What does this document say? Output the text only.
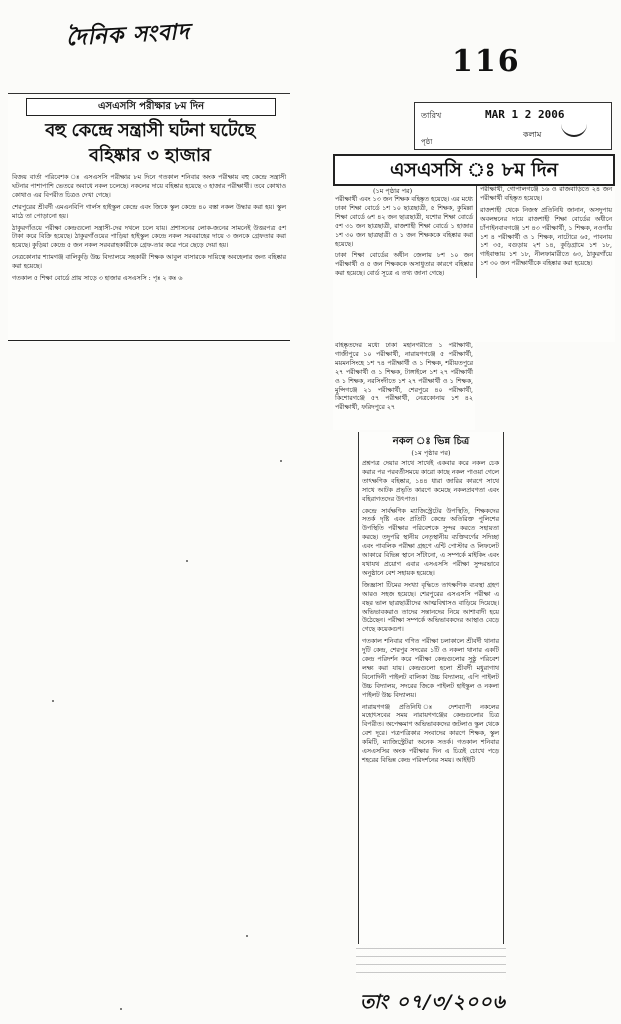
দৈনিক সংবাদ
116
তারিখ	MAR 1 2 2006
কলাম
পৃষ্ঠা
এসএসসি পরীক্ষার ৮ম দিন
বহু কেন্দ্রে সন্ত্রাসী ঘটনা ঘটেছে
বহিষ্কার ৩ হাজার

বিজয় বার্তা পরিবেশক ঃ এসএসসি পরীক্ষার ৮ম দিনে গতকাল শনিবার অংক পরীক্ষায় বহু কেন্দ্রে সন্ত্রাসী ঘটনার পাশাপাশি ভেতরে অবাধে নকল চলেছে। নকলের দায়ে বহিষ্কার হয়েছে ৩ হাজার পরীক্ষার্থী। তবে কোথাও কোথাও এর বিপরীত চিত্রও দেখা গেছে।

শেরপুরের শ্রীবর্দী এমএনবিপি গার্লস হাইস্কুল কেন্দ্রে এবং জিকে স্কুল কেন্দ্রে ৪০ বস্তা নকল উদ্ধার করা হয়। স্কুল মাঠে তা পোড়ানো হয়।

ঠাকুরগাঁওয়ে পরীক্ষা কেন্দ্রগুলো সন্ত্রাসী-দের দখলে চলে যায়। প্রশাসনের লোক-জনের সামনেই উত্তরপত্র ৫শ টাকা করে বিক্রি হয়েছে। ঠাকুরগাঁওয়ের পাড়িয়া হাইস্কুল কেন্দ্রে নকল সরবরাহের দায়ে ৩ জনকে গ্রেফতার করা হয়েছে। কুড়িয়া কেন্দ্রে ৫ জন নকল সরবরাহকারীকে গ্রেফ-তার করে পরে ছেড়ে দেয়া হয়।

নেত্রকোনার শ্যামগঞ্জ বালিকুড়ি উচ্চ বিদ্যালয়ে সহকারী শিক্ষক আবুল বাসারকে দায়িত্বে অবহেলার জন্য বহিষ্কার করা হয়েছে।

গতকাল ৫ শিক্ষা বোর্ডে প্রায় সাড়ে ৩ হাজার এসএসসি : পৃঃ ২ কঃ ৬

এসএসসি ঃ ৮ম দিন
(১ম পৃষ্ঠার পর)

পরীক্ষার্থী এবং ১৩ জন শিক্ষক বহিষ্কৃত হয়েছে। এর মধ্যে ঢাকা শিক্ষা বোর্ডে ১শ ১০ ছাত্রছাত্রী, ৫ শিক্ষক, কুমিল্লা শিক্ষা বোর্ডে ৬শ ৪২ জন ছাত্রছাত্রী, যশোর শিক্ষা বোর্ডে ৫শ ৩১ জন ছাত্রছাত্রী, রাজশাহী শিক্ষা বোর্ডে ১ হাজার ১শ ৩০ জন ছাত্রছাত্রী ও ১ জন শিক্ষককে বহিষ্কার করা হয়েছে।

ঢাকা শিক্ষা বোর্ডের অধীন জেলায় ৮শ ১০ জন পরীক্ষার্থী ও ৫ জন শিক্ষককে অসাধুতার কারণে বহিষ্কার করা হয়েছে। বোর্ড সূত্রে এ তথ্য জানা গেছে।

পরীক্ষার্থী, গোপালগঞ্জে ১৬ ও রাজবাড়িতে ২৪ জন পরীক্ষার্থী বহিষ্কৃত হয়েছে।

রাজশাহী থেকে নিজস্ব প্রতিনিধি জানান, অসদুপায় অবলম্বনের দায়ে রাজশাহী শিক্ষা বোর্ডের অধীনে চাঁপাইনবাবগঞ্জে ১শ ৪৩ পরীক্ষার্থী, ১ শিক্ষক, নওগাঁয় ১শ ৪ পরীক্ষার্থী ও ১ শিক্ষক, নাটোরে ৬৫, পাবনায় ১শ ৩৫, বগুড়ায় ২শ ১৪, কুড়িগ্রামে ১শ ১৮, গাইবান্ধায় ১শ ১৮, নীলফামারীতে ৬৩, ঠাকুরগাঁয়ে ১শ ৩০ জন পরীক্ষার্থীকে বহিষ্কার করা হয়েছে।

বহিষ্কৃতদের মধ্যে ঢাকা মহানগরীতে ১ পরীক্ষার্থী, গাজীপুরে ১০ পরীক্ষার্থী, নারায়ণগঞ্জে ৫ পরীক্ষার্থী, ময়মনসিংহে ১শ ৭৪ পরীক্ষার্থী ও ১ শিক্ষক, শরীয়তপুরে ২৭ পরীক্ষার্থী ও ১ শিক্ষক, টাঙ্গাইলে ১শ ২৭ পরীক্ষার্থী ও ১ শিক্ষক, নরসিংদীতে ১শ ২৭ পরীক্ষার্থী ও ১ শিক্ষক, মুন্সিগঞ্জে ২১ পরীক্ষার্থী, শেরপুরে ৪০ পরীক্ষার্থী, কিশোরগঞ্জে ৫৭ পরীক্ষার্থী, নেত্রকোনায় ১শ ৪২ পরীক্ষার্থী, ফরিদপুরে ২৭

নকল ঃ ভিন্ন চিত্র
(১ম পৃষ্ঠার পর)

প্রশ্নপত্র দেয়ার সাথে সাথেই একবার করে নকল চেক করার পর পরবর্তীসময়ে কারো কাছে নকল পাওয়া গেলে তাৎক্ষণিক বহিষ্কার, ১৪৪ ধারা জারির কারণে সাথে সাথে আটক প্রভৃতি কারণে কমেছে নকলপ্রবণতা এবং বহিরাগতদের উৎপাত।

কেন্দ্রে সার্বক্ষণিক ম্যাজিস্ট্রেটের উপস্থিতি, শিক্ষকদের সতর্ক দৃষ্টি এবং প্রতিটি কেন্দ্রে অতিরিক্ত পুলিশের উপস্থিতি পরীক্ষার পরিবেশকে সুন্দর করতে সহায়তা করছে। তদুপরি স্থানীয় নেতৃস্থানীয় ব্যক্তিবর্গের সদিচ্ছা এবং পাবলিক পরীক্ষা গ্রহণে এন্টি পোস্টার ও লিফলেট আকারে বিভিন্ন স্থানে সাঁটানো, এ সম্পর্কে মাইকিং এবং যথাযথ প্রয়োগ এবার এসএসসি পরীক্ষা সুন্দরভাবে অনুষ্ঠানে বেশ সহায়ক হয়েছে।

জিজ্ঞাসা টিমের সংখ্যা বৃদ্ধিতে তাৎক্ষণিক ব্যবস্থা গ্রহণ আরও সহজ হয়েছে। শেরপুরের এসএসসি পরীক্ষা এ বছর ভাল ছাত্রছাত্রীদের আত্মবিশ্বাসও বাড়িয়ে দিয়েছে। অভিভাবকরাও তাদের সন্তানদের নিয়ে আশাবাদী হয়ে উঠেছেন। পরীক্ষা সম্পর্কে অভিভাবকদের আস্থাও বেড়ে গেছে কয়েকগুণ।

গতকাল শনিবার গণিত পরীক্ষা চলাকালে শ্রীবর্দী থানার দুটি কেন্দ্র, শেরপুর সদরের ১টি ও নকলা থানার একটি কেন্দ্র পরিদর্শন করে পরীক্ষা কেন্দ্রগুলোর সুষ্ঠু পরিবেশ লক্ষ্য করা যায়। কেন্দ্রগুলো হলো শ্রীবর্দী মধুরাগাথ বিনোদিনী পাইলট বালিকা উচ্চ বিদ্যালয়, এপি পাইলট উচ্চ বিদ্যালয়, সদরের জিকে পাইলট হাইস্কুল ও নকলা পাইলট উচ্চ বিদ্যালয়।

নারায়ণগঞ্জ প্রতিনিধি ঃ দেশব্যাপী নকলের মহোৎসবের সময় নারায়ণগঞ্জের কেন্দ্রগুলোর চিত্র বিপরীত। অপেক্ষমাণ অভিভাবকদের জটলাও স্কুল থেকে বেশ দূরে। পত্রপত্রিকার সংবাদের কারণে শিক্ষক, স্কুল কমিটি, ম্যাজিস্ট্রেটরা অনেক সতর্ক। গতকাল শনিবার এসএসসির অংক পরীক্ষার দিন এ চিত্রই চোখে পড়ে শহরের বিভিন্ন কেন্দ্র পরিদর্শনের সময়। আইইটি

তাং ০৭/৩/২০০৬
